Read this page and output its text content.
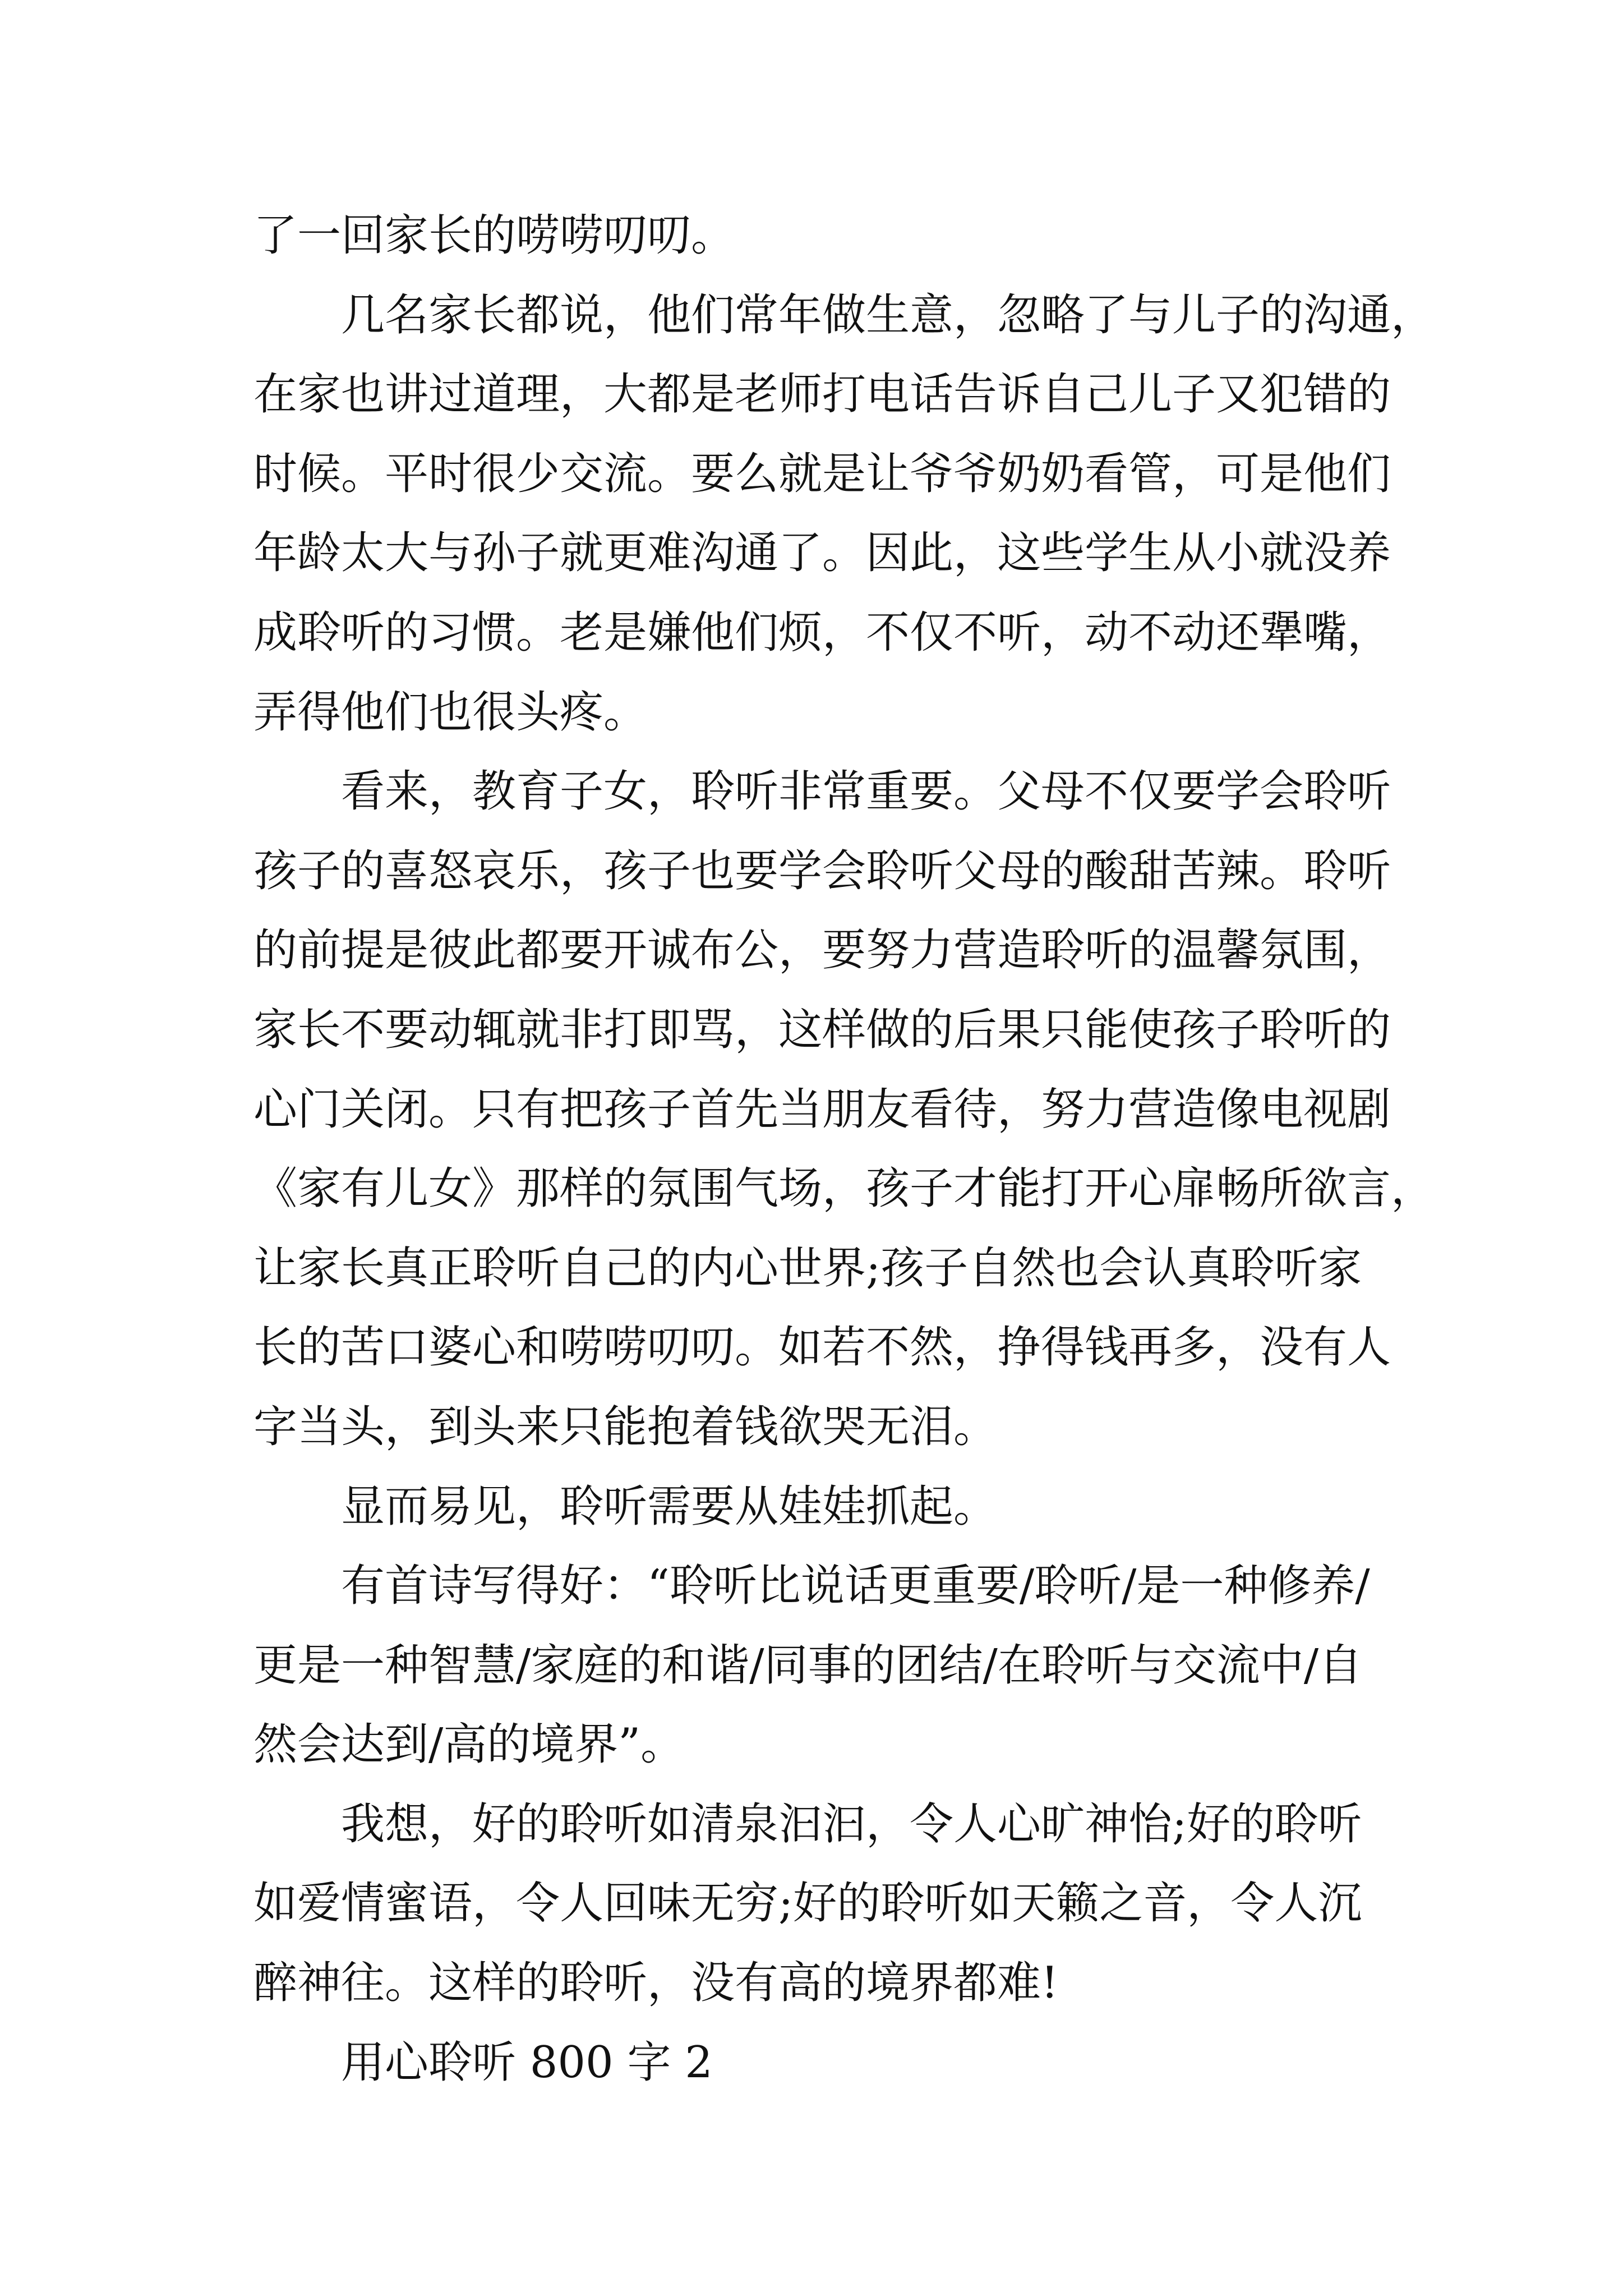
了一回家长的唠唠叨叨。
几名家长都说，他们常年做生意，忽略了与儿子的沟通，
在家也讲过道理，大都是老师打电话告诉自己儿子又犯错的
时候。平时很少交流。要么就是让爷爷奶奶看管，可是他们
年龄太大与孙子就更难沟通了。因此，这些学生从小就没养
成聆听的习惯。老是嫌他们烦，不仅不听，动不动还犟嘴，
弄得他们也很头疼。
看来，教育子女，聆听非常重要。父母不仅要学会聆听
孩子的喜怒哀乐，孩子也要学会聆听父母的酸甜苦辣。聆听
的前提是彼此都要开诚布公，要努力营造聆听的温馨氛围，
家长不要动辄就非打即骂，这样做的后果只能使孩子聆听的
心门关闭。只有把孩子首先当朋友看待，努力营造像电视剧
《家有儿女》那样的氛围气场，孩子才能打开心扉畅所欲言，
让家长真正聆听自己的内心世界;孩子自然也会认真聆听家
长的苦口婆心和唠唠叨叨。如若不然，挣得钱再多，没有人
字当头，到头来只能抱着钱欲哭无泪。
显而易见，聆听需要从娃娃抓起。
有首诗写得好：“聆听比说话更重要/聆听/是一种修养/
更是一种智慧/家庭的和谐/同事的团结/在聆听与交流中/自
然会达到/高的境界”。
我想，好的聆听如清泉汩汩，令人心旷神怡;好的聆听
如爱情蜜语，令人回味无穷;好的聆听如天籁之音，令人沉
醉神往。这样的聆听，没有高的境界都难!
用心聆听 800 字 2
